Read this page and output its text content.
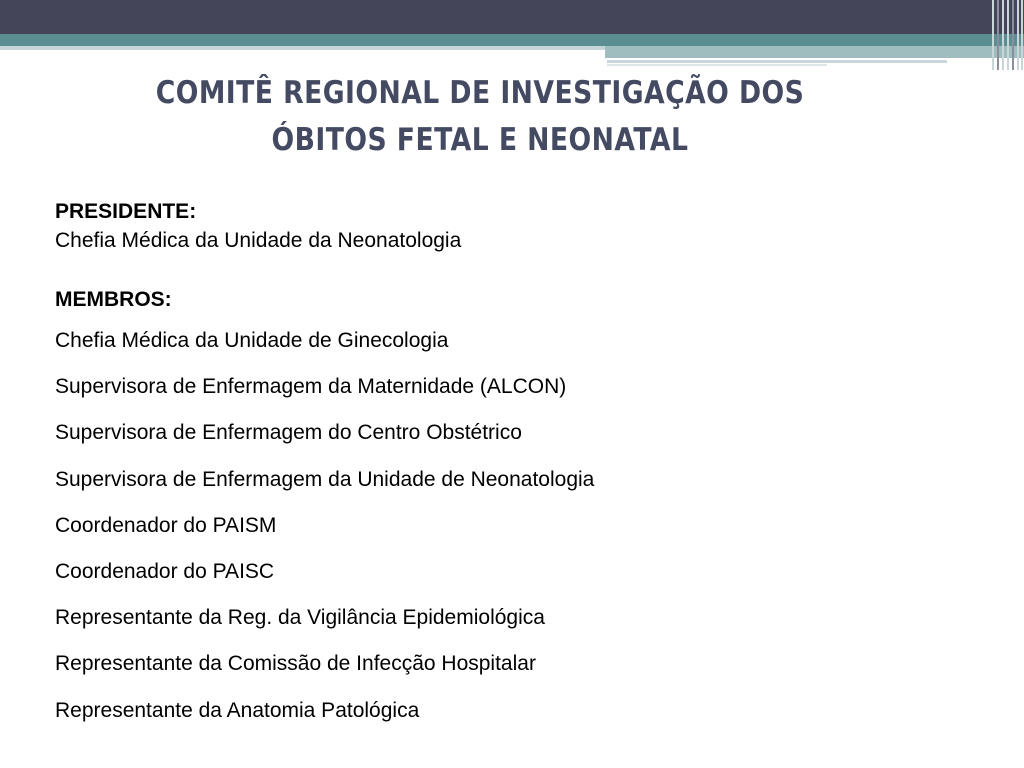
COMITÊ REGIONAL DE INVESTIGAÇÃO DOS
ÓBITOS FETAL E NEONATAL
PRESIDENTE:
Chefia Médica da Unidade da Neonatologia
MEMBROS:
Chefia Médica da Unidade de Ginecologia
Supervisora de Enfermagem da Maternidade (ALCON)
Supervisora de Enfermagem do Centro Obstétrico
Supervisora de Enfermagem da Unidade de Neonatologia
Coordenador do PAISM
Coordenador do PAISC
Representante da Reg. da Vigilância Epidemiológica
Representante da Comissão de Infecção Hospitalar
Representante da Anatomia Patológica
